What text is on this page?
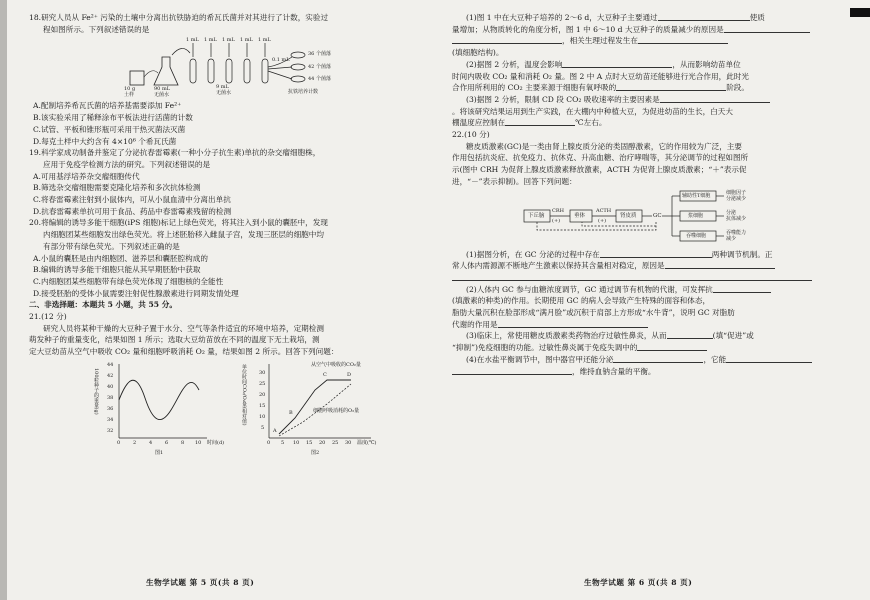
18.研究人员从 Fe²⁺ 污染的土壤中分离出抗铁胁迫的希瓦氏菌并对其进行了计数，实验过
程如图所示。下列叙述错误的是
1 mL 1 mL 1 mL 1 mL 1 mL
10 g
土样
90 mL
无菌水
9 mL
无菌水
0.1 mL
36 个菌落
42 个菌落
44 个菌落
抗铁培养计数
A.配制培养希瓦氏菌的培养基需要添加 Fe²⁺
B.该实验采用了稀释涂布平板法进行活菌的计数
C.试管、平板和锥形瓶可采用干热灭菌法灭菌
D.每克土样中大约含有 4×10⁶ 个希瓦氏菌
19.科学家成功制备并鉴定了分泌抗春雷霉素(一种小分子抗生素)单抗的杂交瘤细胞株，
应用于免疫学检测方法的研究。下列叙述错误的是
A.可用基浮培养杂交瘤细胞传代
B.筛选杂交瘤细胞需要克隆化培养和多次抗体检测
C.将春雷霉素注射到小鼠体内，可从小鼠血清中分离出单抗
D.抗春雷霉素单抗可用于食品、药品中春雷霉素残留的检测
20.将编辑的诱导多能干细胞(iPS 细胞)标记上绿色荧光，将其注入到小鼠的囊胚中，发现
内细胞团某些细胞发出绿色荧光。将上述胚胎移入雌鼠子宫，发现三胚层的细胞中均
有部分带有绿色荧光。下列叙述正确的是
A.小鼠的囊胚是由内细胞团、滋养层和囊胚腔构成的
B.编辑的诱导多能干细胞只能从其早期胚胎中获取
C.内细胞团某些细胞带有绿色荧光体现了细胞核的全能性
D.接受胚胎的受体小鼠需要注射促性腺激素进行同期发情处理
二、非选择题：本题共 5 小题，共 55 分。
21.(12 分)
研究人员将某种干燥的大豆种子置于水分、空气等条件适宜的环境中培养，定期检测
萌发种子的重量变化，结果如图 1 所示；选取大豆幼苗放在不同的温度下无土栽培，测
定大豆幼苗从空气中吸收 CO₂ 量和细胞呼吸消耗 O₂ 量，结果如图 2 所示。回答下列问题：
100粒种子的重量(g)
44
42
40
38
36
34
32
0	2	4	6	8 10 时间(d)
图1
单位时间CO₂/O₂量(相对值) 30
25
20
15
10
5
0 5 10 15 20 25 30 温度(℃)
从空气中吸收的CO₂量
细胞呼吸消耗的O₂量
A
B
C	D
图2
(1)图 1 中在大豆种子培养的 2～6 d，大豆种子主要通过	使质
量增加；从物质转化的角度分析，图 1 中 6～10 d 大豆种子的质量减少的原因是
，相关生理过程发生在
(填细胞结构)。
(2)据图 2 分析，温度会影响	，从而影响幼苗单位
时间内吸收 CO₂ 量和消耗 O₂ 量。图 2 中 A 点时大豆幼苗还能够进行光合作用，此时光
合作用所利用的 CO₂ 主要来源于细胞有氧呼吸的	阶段。
(3)据图 2 分析，限制 CD 段 CO₂ 吸收速率的主要因素是
。将该研究结果运用到生产实践，在大棚内中种植大豆，为促进幼苗的生长，白天大
棚温度应控制在	℃左右。
22.(10 分)
糖皮质激素(GC)是一类由肾上腺皮质分泌的类固醇激素，它的作用较为广泛，主要
作用包括抗炎症、抗免疫力、抗休克、升高血糖、治疗哮喘等，其分泌调节的过程如图所
示(图中 CRH 为促肾上腺皮质激素释放激素，ACTH 为促肾上腺皮质激素；“＋”表示促
进，“－”表示抑制)。回答下列问题：
下丘脑
CRH
(+)
垂体
ACTH
(+)
肾皮质	GC
辅助性T细胞
浆细胞
吞噬细胞
细胞因子
分泌减少
分泌
抗体减少
吞噬能力
减少
(1)据图分析，在 GC 分泌的过程中存在	两种调节机制。正
常人体内需源源不断地产生激素以保持其含量相对稳定，原因是
(2)人体内 GC 参与血糖浓度调节，GC 通过调节有机物的代谢，可发挥抗
(填激素的种类)的作用。长期使用 GC 的病人会导致产生特殊的面容和体态，
脂肪大量沉积在脸部形成“满月脸”或沉积于肩部上方形成“水牛背”，说明 GC 对脂肪
代谢的作用是
(3)临床上，常使用糖皮质激素类药物治疗过敏性鼻炎，从而	(填“促进”或
“抑制”)免疫细胞的功能。过敏性鼻炎属于免疫失调中的
(4)在水盐平衡调节中，图中器官甲还能分泌	，它能
，维持血钠含量的平衡。
生物学试题 第 5 页(共 8 页)	生物学试题 第 6 页(共 8 页)
